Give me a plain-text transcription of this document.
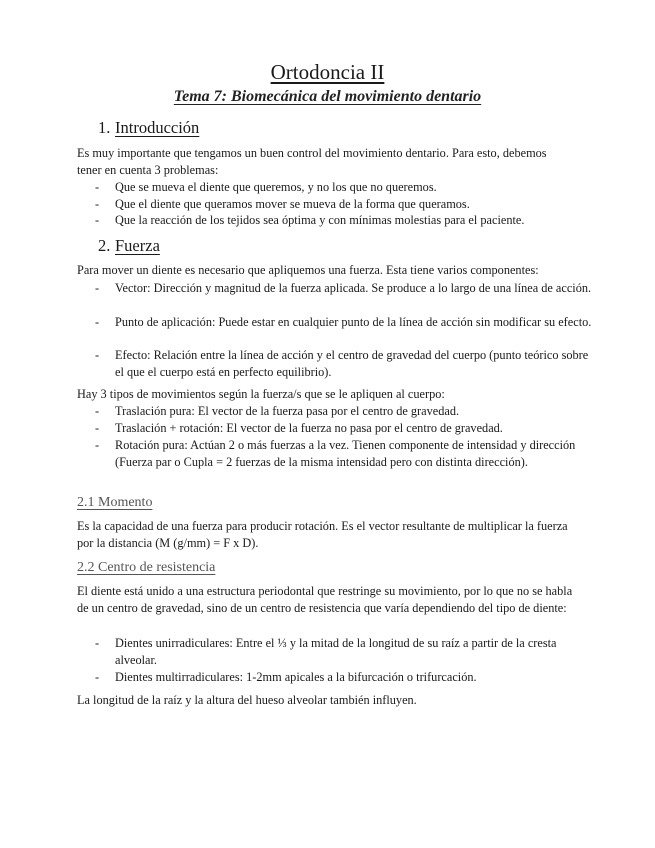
Ortodoncia II
Tema 7: Biomecánica del movimiento dentario
1. Introducción

Es muy importante que tengamos un buen control del movimiento dentario. Para esto, debemos tener en cuenta 3 problemas:

- Que se mueva el diente que queremos, y no los que no queremos.
- Que el diente que queramos mover se mueva de la forma que queramos.
- Que la reacción de los tejidos sea óptima y con mínimas molestias para el paciente.
2. Fuerza

Para mover un diente es necesario que apliquemos una fuerza. Esta tiene varios componentes:

- Vector: Dirección y magnitud de la fuerza aplicada. Se produce a lo largo de una línea de acción.
- Punto de aplicación: Puede estar en cualquier punto de la línea de acción sin modificar su efecto.
- Efecto: Relación entre la línea de acción y el centro de gravedad del cuerpo (punto teórico sobre el que el cuerpo está en perfecto equilibrio).

Hay 3 tipos de movimientos según la fuerza/s que se le apliquen al cuerpo:

- Traslación pura: El vector de la fuerza pasa por el centro de gravedad.
- Traslación + rotación: El vector de la fuerza no pasa por el centro de gravedad.
- Rotación pura: Actúan 2 o más fuerzas a la vez. Tienen componente de intensidad y dirección (Fuerza par o Cupla = 2 fuerzas de la misma intensidad pero con distinta dirección).
2.1 Momento

Es la capacidad de una fuerza para producir rotación. Es el vector resultante de multiplicar la fuerza por la distancia (M (g/mm) = F x D).

2.2 Centro de resistencia

El diente está unido a una estructura periodontal que restringe su movimiento, por lo que no se habla de un centro de gravedad, sino de un centro de resistencia que varía dependiendo del tipo de diente:

- Dientes unirradiculares: Entre el ⅓ y la mitad de la longitud de su raíz a partir de la cresta alveolar.
- Dientes multirradiculares: 1-2mm apicales a la bifurcación o trifurcación.

La longitud de la raíz y la altura del hueso alveolar también influyen.
